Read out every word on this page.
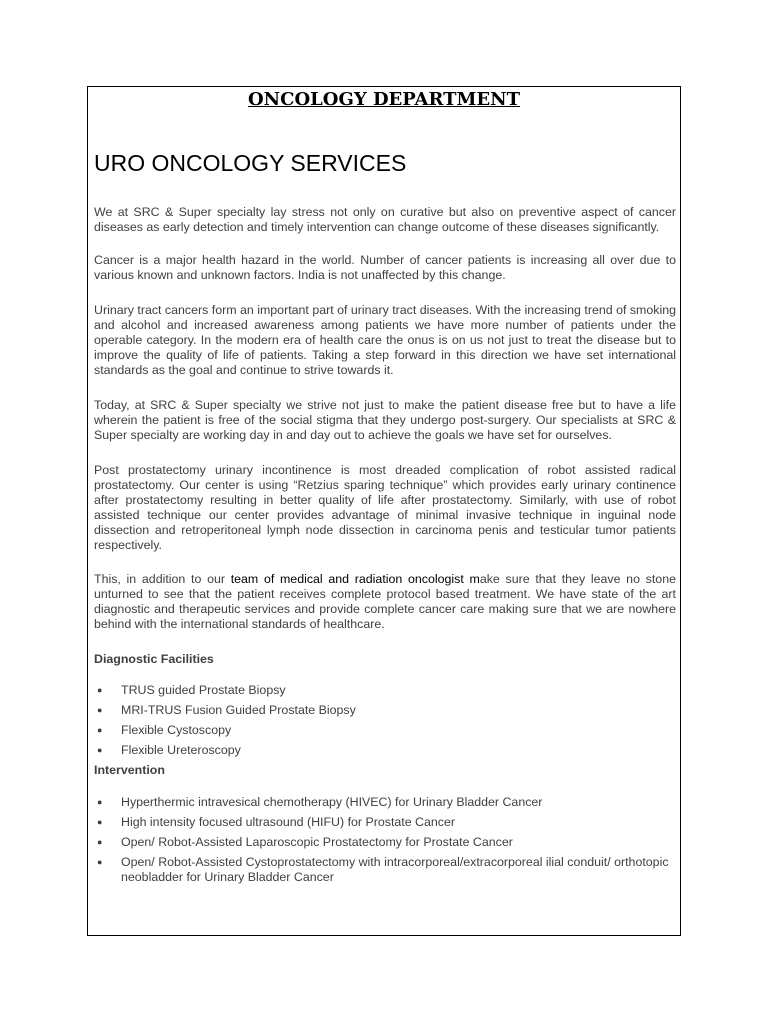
ONCOLOGY DEPARTMENT
URO ONCOLOGY SERVICES

We at SRC & Super specialty lay stress not only on curative but also on preventive aspect of cancer diseases as early detection and timely intervention can change outcome of these diseases significantly.

Cancer is a major health hazard in the world. Number of cancer patients is increasing all over due to various known and unknown factors. India is not unaffected by this change.

Urinary tract cancers form an important part of urinary tract diseases. With the increasing trend of smoking and alcohol and increased awareness among patients we have more number of patients under the operable category. In the modern era of health care the onus is on us not just to treat the disease but to improve the quality of life of patients. Taking a step forward in this direction we have set international standards as the goal and continue to strive towards it.

Today, at SRC & Super specialty we strive not just to make the patient disease free but to have a life wherein the patient is free of the social stigma that they undergo post-surgery. Our specialists at SRC & Super specialty are working day in and day out to achieve the goals we have set for ourselves.

Post prostatectomy urinary incontinence is most dreaded complication of robot assisted radical prostatectomy. Our center is using “Retzius sparing technique” which provides early urinary continence after prostatectomy resulting in better quality of life after prostatectomy. Similarly, with use of robot assisted technique our center provides advantage of minimal invasive technique in inguinal node dissection and retroperitoneal lymph node dissection in carcinoma penis and testicular tumor patients respectively.

This, in addition to our team of medical and radiation oncologist make sure that they leave no stone unturned to see that the patient receives complete protocol based treatment. We have state of the art diagnostic and therapeutic services and provide complete cancer care making sure that we are nowhere behind with the international standards of healthcare.

Diagnostic Facilities
● TRUS guided Prostate Biopsy
● MRI-TRUS Fusion Guided Prostate Biopsy
● Flexible Cystoscopy
● Flexible Ureteroscopy
Intervention
● Hyperthermic intravesical chemotherapy (HIVEC) for Urinary Bladder Cancer
● High intensity focused ultrasound (HIFU) for Prostate Cancer
● Open/ Robot-Assisted Laparoscopic Prostatectomy for Prostate Cancer
● Open/ Robot-Assisted Cystoprostatectomy with intracorporeal/extracorporeal ilial conduit/ orthotopic neobladder for Urinary Bladder Cancer
